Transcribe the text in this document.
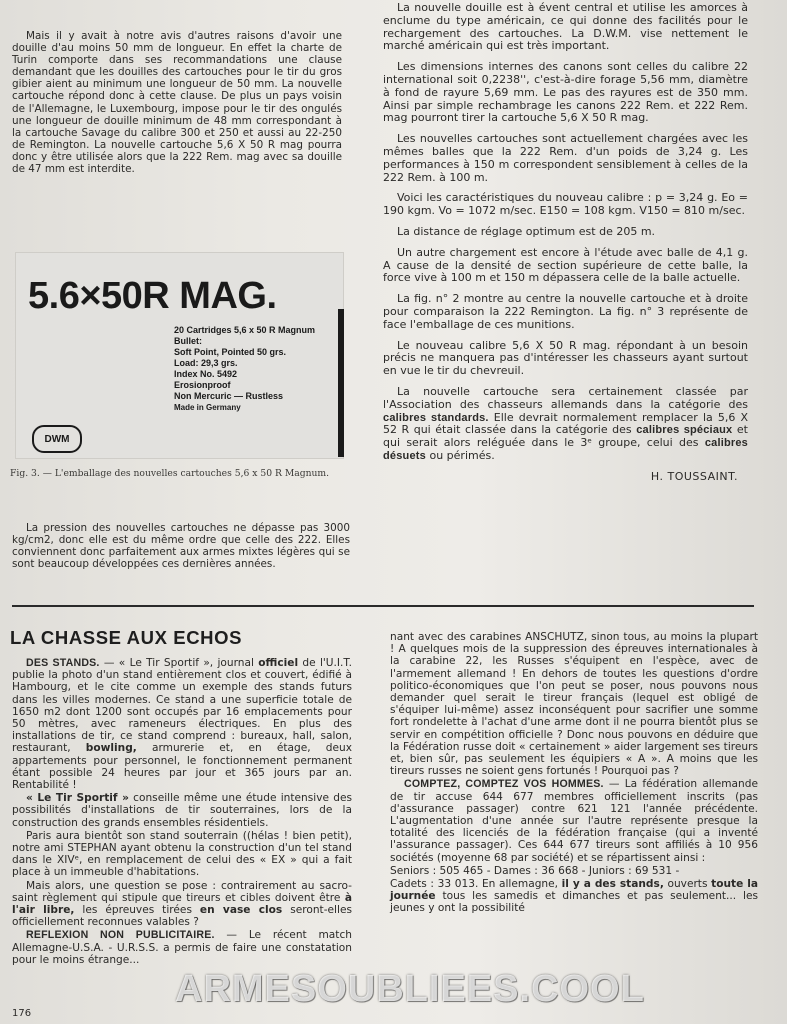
Mais il y avait à notre avis d'autres raisons d'avoir une douille d'au moins 50 mm de longueur. En effet la charte de Turin comporte dans ses recommandations une clause demandant que les douilles des cartouches pour le tir du gros gibier aient au minimum une longueur de 50 mm. La nouvelle cartouche répond donc à cette clause. De plus un pays voisin de l'Allemagne, le Luxembourg, impose pour le tir des ongulés une longueur de douille minimum de 48 mm correspondant à la cartouche Savage du calibre 300 et 250 et aussi au 22-250 de Remington. La nouvelle cartouche 5,6 X 50 R mag pourra donc y être utilisée alors que la 222 Rem. mag avec sa douille de 47 mm est interdite.

5.6×50R MAG.
20 Cartridges 5,6 x 50 R Magnum
Bullet:
Soft Point, Pointed 50 grs.
Load: 29,3 grs.
Index No. 5492
Erosionproof
Non Mercuric — Rustless
Made in Germany
DWM
Fig. 3. — L'emballage des nouvelles cartouches 5,6 x 50 R Magnum.

La pression des nouvelles cartouches ne dépasse pas 3000 kg/cm2, donc elle est du même ordre que celle des 222. Elles conviennent donc parfaitement aux armes mixtes légères qui se sont beaucoup développées ces dernières années.

La nouvelle douille est à évent central et utilise les amorces à enclume du type américain, ce qui donne des facilités pour le rechargement des cartouches. La D.W.M. vise nettement le marché américain qui est très important.

Les dimensions internes des canons sont celles du calibre 22 international soit 0,2238'', c'est-à-dire forage 5,56 mm, diamètre à fond de rayure 5,69 mm. Le pas des rayures est de 350 mm. Ainsi par simple rechambrage les canons 222 Rem. et 222 Rem. mag pourront tirer la cartouche 5,6 X 50 R mag.

Les nouvelles cartouches sont actuellement chargées avec les mêmes balles que la 222 Rem. d'un poids de 3,24 g. Les performances à 150 m correspondent sensiblement à celles de la 222 Rem. à 100 m.

Voici les caractéristiques du nouveau calibre : p = 3,24 g. Eo = 190 kgm. Vo = 1072 m/sec. E150 = 108 kgm. V150 = 810 m/sec.

La distance de réglage optimum est de 205 m.

Un autre chargement est encore à l'étude avec balle de 4,1 g. A cause de la densité de section supérieure de cette balle, la force vive à 100 m et 150 m dépassera celle de la balle actuelle.

La fig. n° 2 montre au centre la nouvelle cartouche et à droite pour comparaison la 222 Remington. La fig. n° 3 représente de face l'emballage de ces munitions.

Le nouveau calibre 5,6 X 50 R mag. répondant à un besoin précis ne manquera pas d'intéresser les chasseurs ayant surtout en vue le tir du chevreuil.

La nouvelle cartouche sera certainement classée par l'Association des chasseurs allemands dans la catégorie des calibres standards. Elle devrait normalement remplacer la 5,6 X 52 R qui était classée dans la catégorie des calibres spéciaux et qui serait alors reléguée dans le 3ᵉ groupe, celui des calibres désuets ou périmés.

H. TOUSSAINT.

LA CHASSE AUX ECHOS

DES STANDS. — « Le Tir Sportif », journal officiel de l'U.I.T. publie la photo d'un stand entièrement clos et couvert, édifié à Hambourg, et le cite comme un exemple des stands futurs dans les villes modernes. Ce stand a une superficie totale de 1650 m2 dont 1200 sont occupés par 16 emplacements pour 50 mètres, avec rameneurs électriques. En plus des installations de tir, ce stand comprend : bureaux, hall, salon, restaurant, bowling, armurerie et, en étage, deux appartements pour personnel, le fonctionnement permanent étant possible 24 heures par jour et 365 jours par an. Rentabilité !

« Le Tir Sportif » conseille même une étude intensive des possibilités d'installations de tir souterraines, lors de la construction des grands ensembles résidentiels.

Paris aura bientôt son stand souterrain ((hélas ! bien petit), notre ami STEPHAN ayant obtenu la construction d'un tel stand dans le XIVᵉ, en remplacement de celui des « EX » qui a fait place à un immeuble d'habitations.

Mais alors, une question se pose : contrairement au sacro-saint règlement qui stipule que tireurs et cibles doivent être à l'air libre, les épreuves tirées en vase clos seront-elles officiellement reconnues valables ?

REFLEXION NON PUBLICITAIRE. — Le récent match Allemagne-U.S.A. - U.R.S.S. a permis de faire une constatation pour le moins étrange...

nant avec des carabines ANSCHUTZ, sinon tous, au moins la plupart ! A quelques mois de la suppression des épreuves internationales à la carabine 22, les Russes s'équipent en l'espèce, avec de l'armement allemand ! En dehors de toutes les questions d'ordre politico-économiques que l'on peut se poser, nous pouvons nous demander quel serait le tireur français (lequel est obligé de s'équiper lui-même) assez inconséquent pour sacrifier une somme fort rondelette à l'achat d'une arme dont il ne pourra bientôt plus se servir en compétition officielle ? Donc nous pouvons en déduire que la Fédération russe doit « certainement » aider largement ses tireurs et, bien sûr, pas seulement les équipiers « A ». A moins que les tireurs russes ne soient gens fortunés ! Pourquoi pas ?

COMPTEZ, COMPTEZ VOS HOMMES. — La fédération allemande de tir accuse 644 677 membres officiellement inscrits (pas d'assurance passager) contre 621 121 l'année précédente. L'augmentation d'une année sur l'autre représente presque la totalité des licenciés de la fédération française (qui a inventé l'assurance passager). Ces 644 677 tireurs sont affiliés à 10 956 sociétés (moyenne 68 par société) et se répartissent ainsi :

Seniors : 505 465 - Dames : 36 668 - Juniors : 69 531 -

Cadets : 33 013. En allemagne, il y a des stands, ouverts toute la journée tous les samedis et dimanches et pas seulement... les jeunes y ont la possibilité

176
ARMESOUBLIEES.COOL
